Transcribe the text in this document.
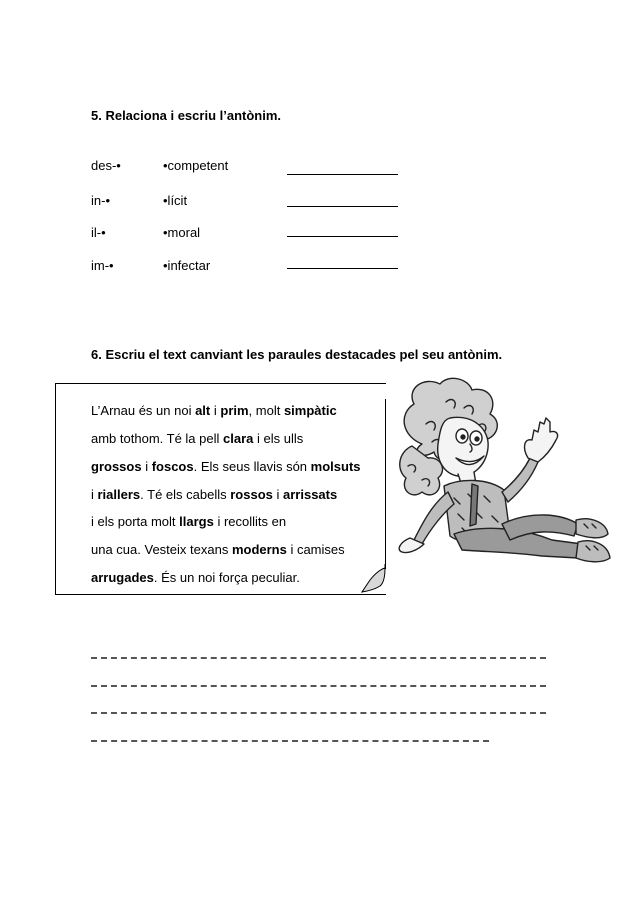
5. Relaciona i escriu l’antònim.
des-•	•competent
in-•	•lícit
il-•	•moral
im-•	•infectar
6. Escriu el text canviant les paraules destacades pel seu antònim.
L’Arnau és un noi alt i prim, molt simpàtic
amb tothom. Té la pell clara i els ulls
grossos i foscos. Els seus llavis són molsuts
i riallers. Té els cabells rossos i arrissats
i els porta molt llargs i recollits en
una cua. Vesteix texans moderns i camises
arrugades. És un noi força peculiar.
